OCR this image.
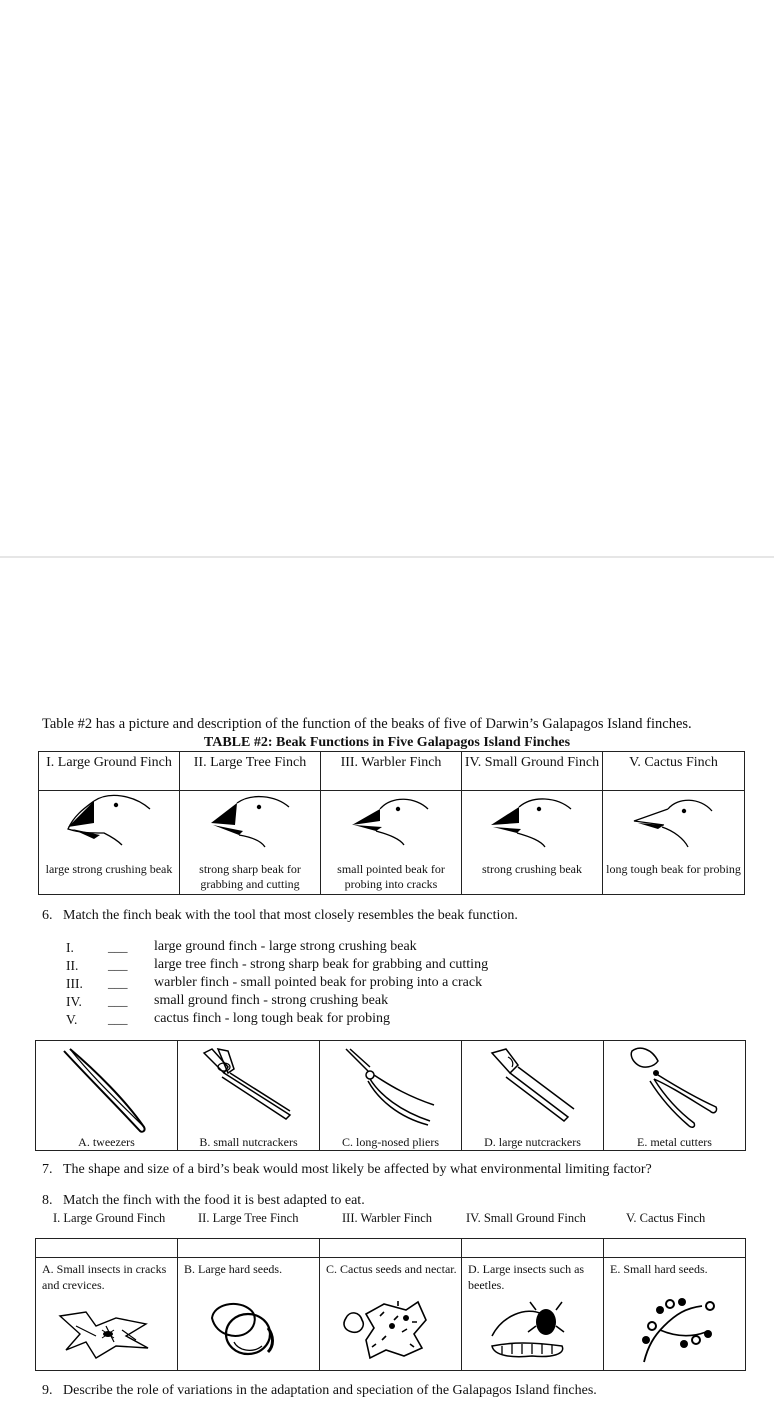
Table #2 has a picture and description of the function of the beaks of five of Darwin’s Galapagos Island finches.
TABLE #2: Beak Functions in Five Galapagos Island Finches
I. Large Ground Finch	II. Large Tree Finch	III. Warbler Finch	IV. Small Ground Finch	V. Cactus Finch

large strong crushing beak	strong sharp beak for grabbing and cutting	small pointed beak for probing into cracks	strong crushing beak	long tough beak for probing
6.   Match the finch beak with the tool that most closely resembles the beak function.
I.	___ large ground finch - large strong crushing beak
II. ___ large tree finch - strong sharp beak for grabbing and cutting
III. ___ warbler finch - small pointed beak for probing into a crack
IV. ___ small ground finch - strong crushing beak
V. ___ cactus finch - long tough beak for probing
A. tweezers	B. small nutcrackers	C. long-nosed pliers	D. large nutcrackers	E. metal cutters
7.   The shape and size of a bird’s beak would most likely be affected by what environmental limiting factor?
8.   Match the finch with the food it is best adapted to eat.
I. Large Ground Finch	II. Large Tree Finch	III. Warbler Finch	IV. Small Ground Finch	V. Cactus Finch

A. Small insects in cracks and crevices.	B. Large hard seeds.	C. Cactus seeds and nectar.	D. Large insects such as beetles.	E. Small hard seeds.
9.   Describe the role of variations in the adaptation and speciation of the Galapagos Island finches.
